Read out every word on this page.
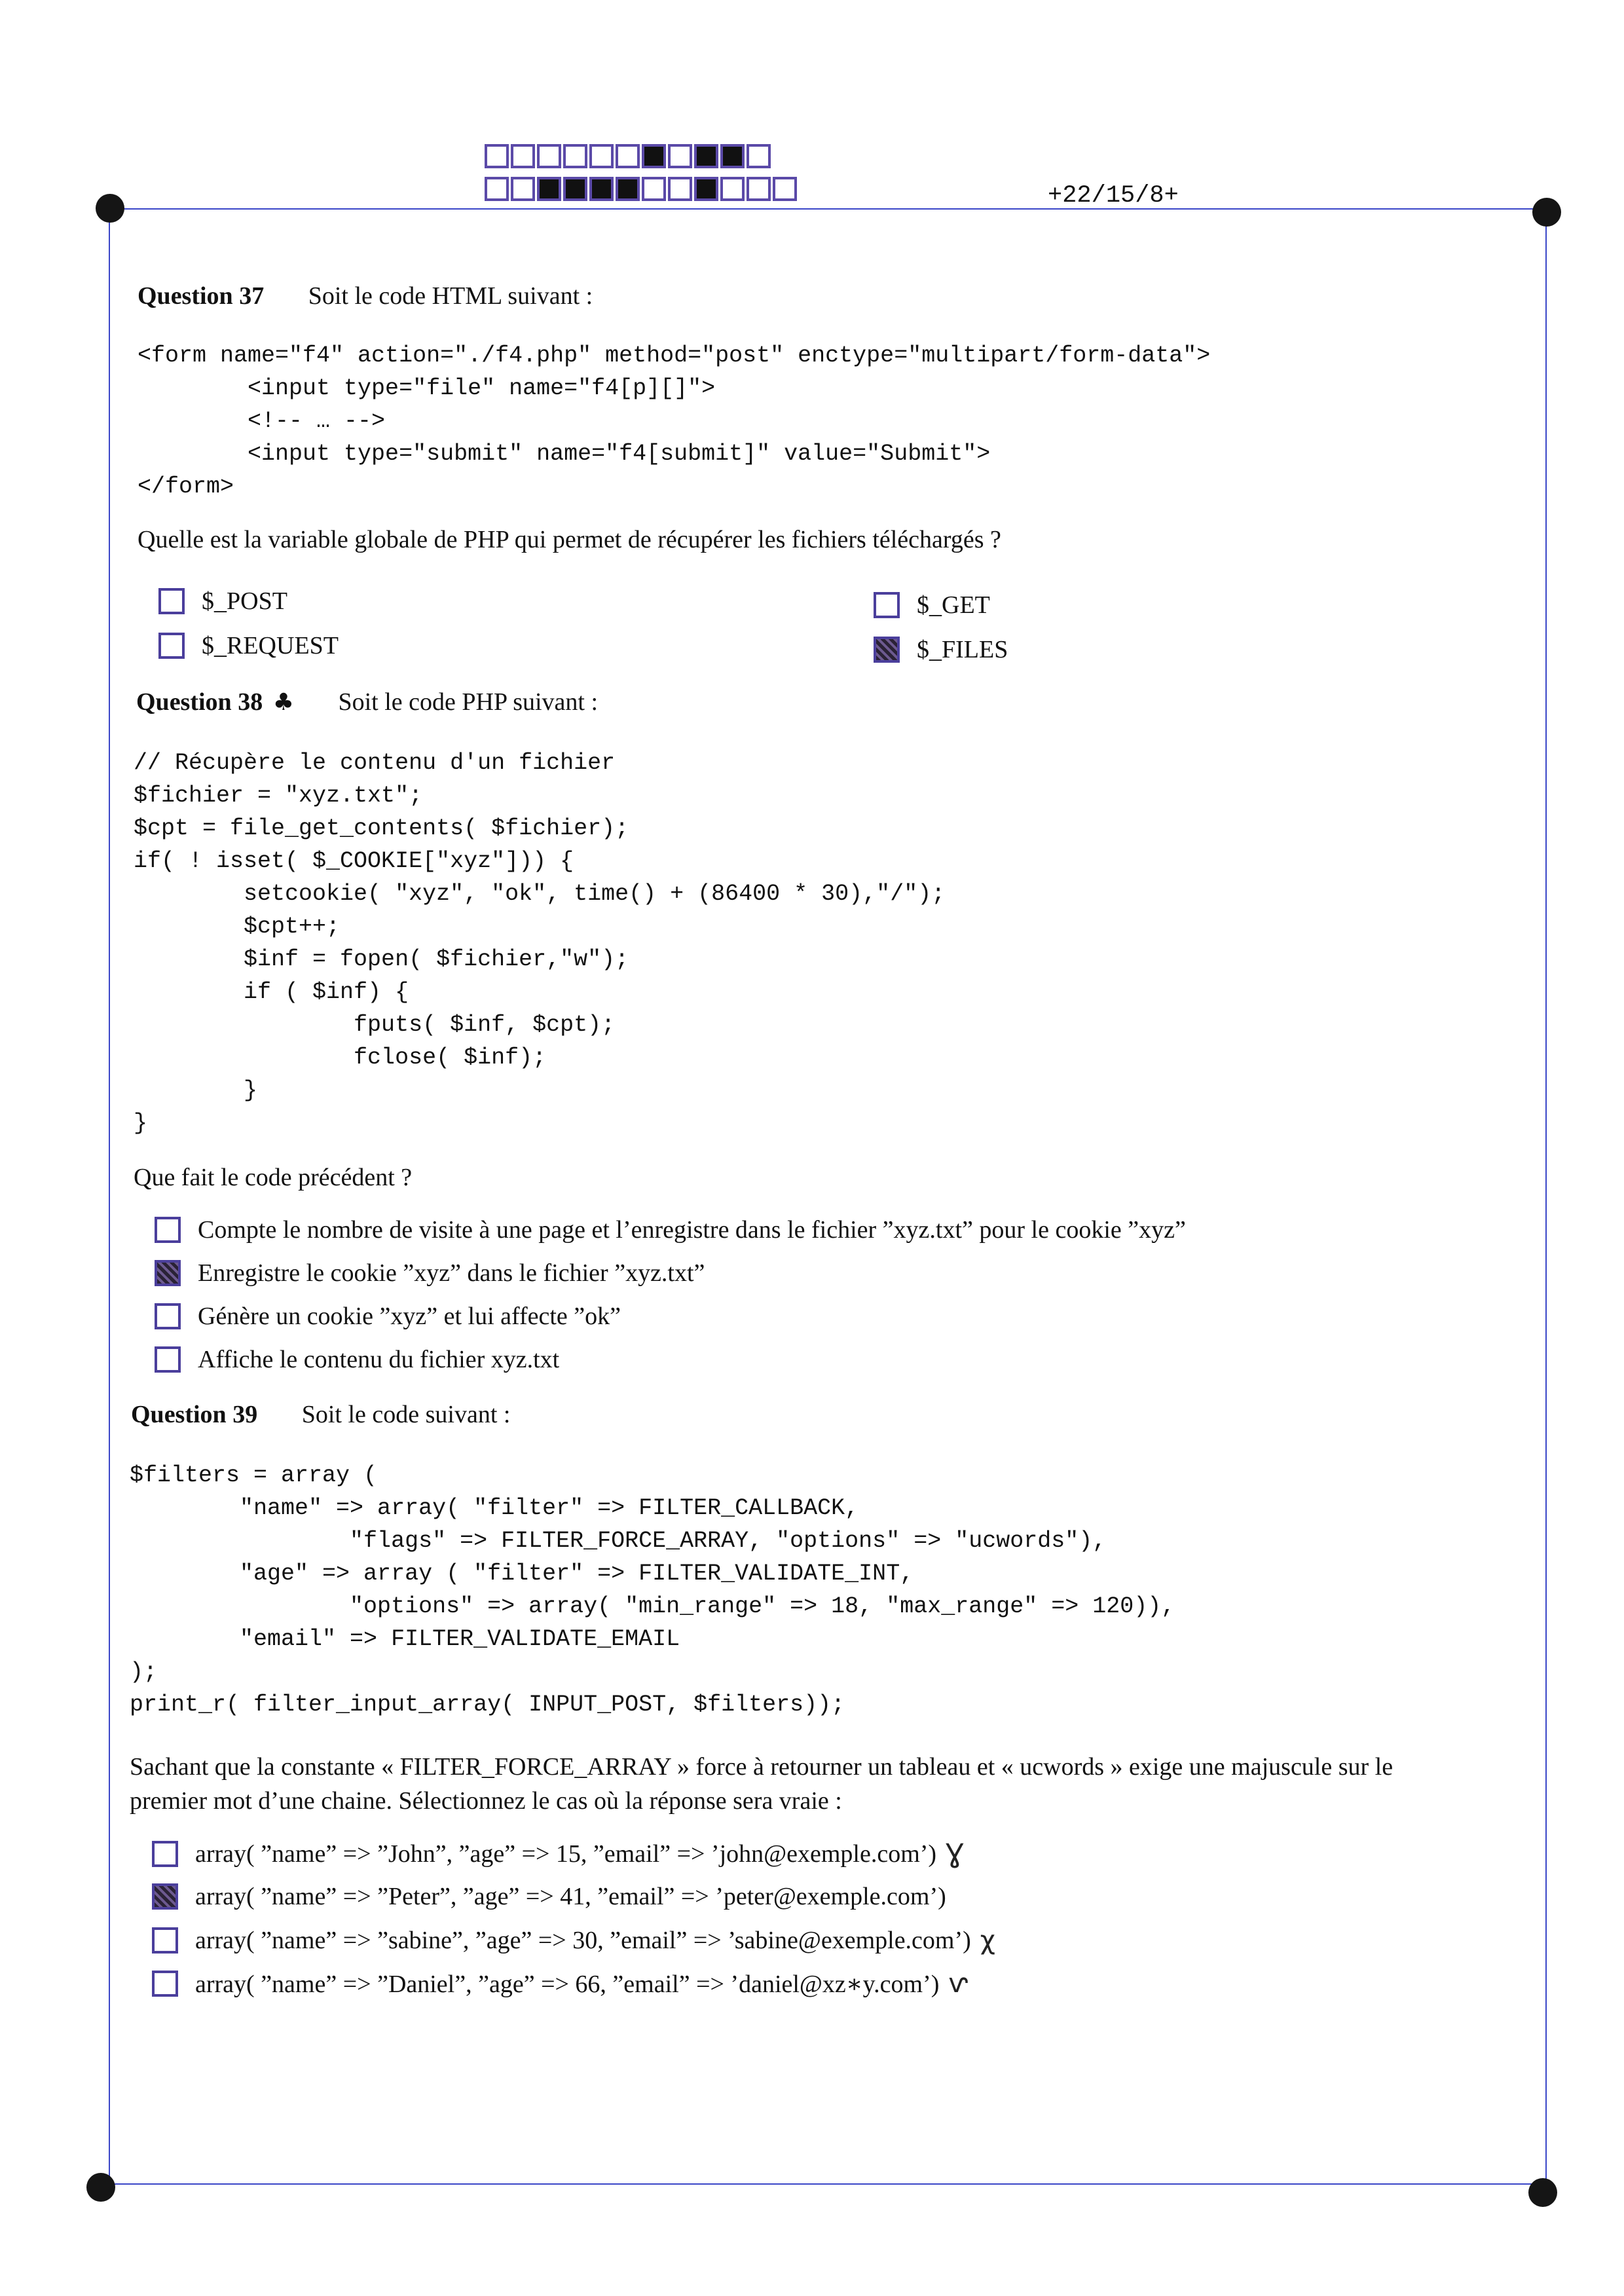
+22/15/8+
Question 37 Soit le code HTML suivant :
<form name="f4" action="./f4.php" method="post" enctype="multipart/form-data">
<input type="file" name="f4[p][]">
<!-- … -->
<input type="submit" name="f4[submit]" value="Submit">
</form>
Quelle est la variable globale de PHP qui permet de récupérer les fichiers téléchargés ?
$_POST	$_GET
$_REQUEST	$_FILES
Question 38 ♣ Soit le code PHP suivant :
// Récupère le contenu d'un fichier
$fichier = "xyz.txt";
$cpt = file_get_contents( $fichier);
if( ! isset( $_COOKIE["xyz"])) {
setcookie( "xyz", "ok", time() + (86400 * 30),"/");
$cpt++;
$inf = fopen( $fichier,"w");
if ( $inf) {
fputs( $inf, $cpt);
fclose( $inf);
}
}
Que fait le code précédent ?
Compte le nombre de visite à une page et l’enregistre dans le fichier ”xyz.txt” pour le cookie ”xyz”
Enregistre le cookie ”xyz” dans le fichier ”xyz.txt”
Génère un cookie ”xyz” et lui affecte ”ok”
Affiche le contenu du fichier xyz.txt
Question 39 Soit le code suivant :
$filters = array (
"name" => array( "filter" => FILTER_CALLBACK,
"flags" => FILTER_FORCE_ARRAY, "options" => "ucwords"),
"age" => array ( "filter" => FILTER_VALIDATE_INT,
"options" => array( "min_range" => 18, "max_range" => 120)),
"email" => FILTER_VALIDATE_EMAIL
);
print_r( filter_input_array( INPUT_POST, $filters));
Sachant que la constante « FILTER_FORCE_ARRAY » force à retourner un tableau et « ucwords » exige une majuscule sur le
premier mot d’une chaine. Sélectionnez le cas où la réponse sera vraie :
array( ”name” => ”John”, ”age” => 15, ”email” => ’john@exemple.com’) Ɣ
array( ”name” => ”Peter”, ”age” => 41, ”email” => ’peter@exemple.com’)
array( ”name” => ”sabine”, ”age” => 30, ”email” => ’sabine@exemple.com’) χ
array( ”name” => ”Daniel”, ”age” => 66, ”email” => ’daniel@xz∗y.com’) ⱱ
